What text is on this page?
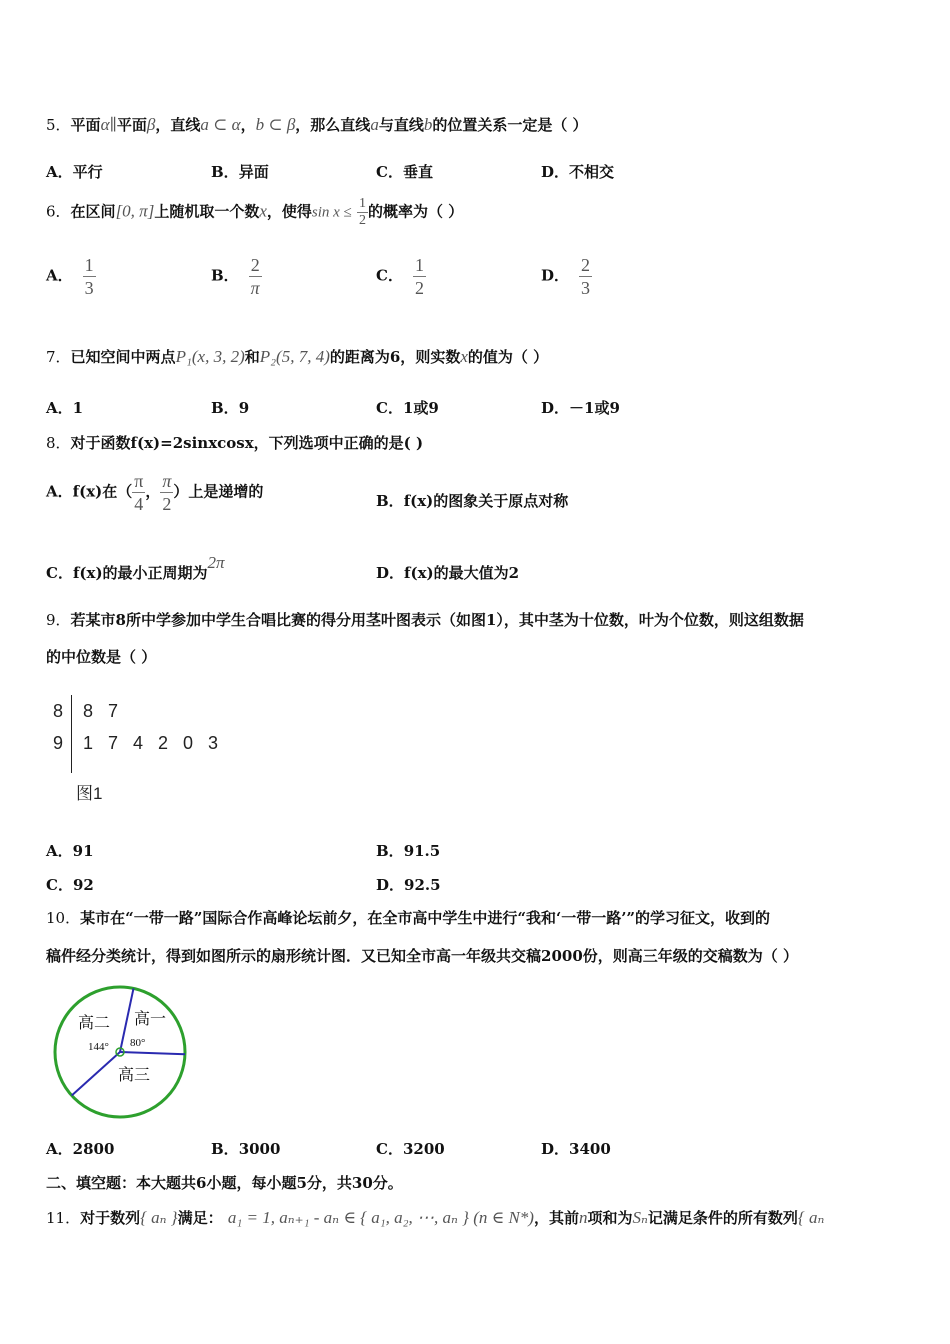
5．平面α∥平面β，直线a ⊂ α，b ⊂ β，那么直线a与直线b的位置关系一定是（ ）
A．平行	B．异面	C．垂直	D．不相交
6．在区间[0, π]上随机取一个数x，使得$\sin x \le \frac{1}{2}$ 的概率为（ ）
A． $\frac{1}{3}$	B． $\frac{2}{\pi}$	C． $\frac{1}{2}$	D． $\frac{2}{3}$
7．已知空间中两点P₁(x, 3, 2)和P₂(5, 7, 4)的距离为6，则实数x的值为（ ）
A．1	B．9	C．1或9	D．－1或9
8．对于函数f(x)=2sinxcosx，下列选项中正确的是( )
A．f(x)在（ $\frac{\pi}{4}$ ， $\frac{\pi}{2}$ ）上是递增的
B．f(x)的图象关于原点对称
C．f(x)的最小正周期为2π
D．f(x)的最大值为2
9．若某市8所中学参加中学生合唱比赛的得分用茎叶图表示（如图1），其中茎为十位数，叶为个位数，则这组数据
的中位数是（ ）
8 8 7
9 1 7 4 2 0 3
图1
A．91	B．91.5
C．92	D．92.5
10．某市在“一带一路”国际合作高峰论坛前夕，在全市高中学生中进行“我和‘一带一路’”的学习征文，收到的
稿件经分类统计，得到如图所示的扇形统计图．又已知全市高一年级共交稿2000份，则高三年级的交稿数为（ ）
高二 高一
高三
144° 80°
A．2800	B．3000	C．3200	D．3400
二、填空题：本大题共6小题，每小题5分，共30分。
11．对于数列{ aₙ }满足： a₁ = 1, aₙ₊₁ - aₙ ∈ { a₁, a₂, ⋯, aₙ } (n ∈ N*)，其前n项和为Sₙ记满足条件的所有数列{ aₙ
